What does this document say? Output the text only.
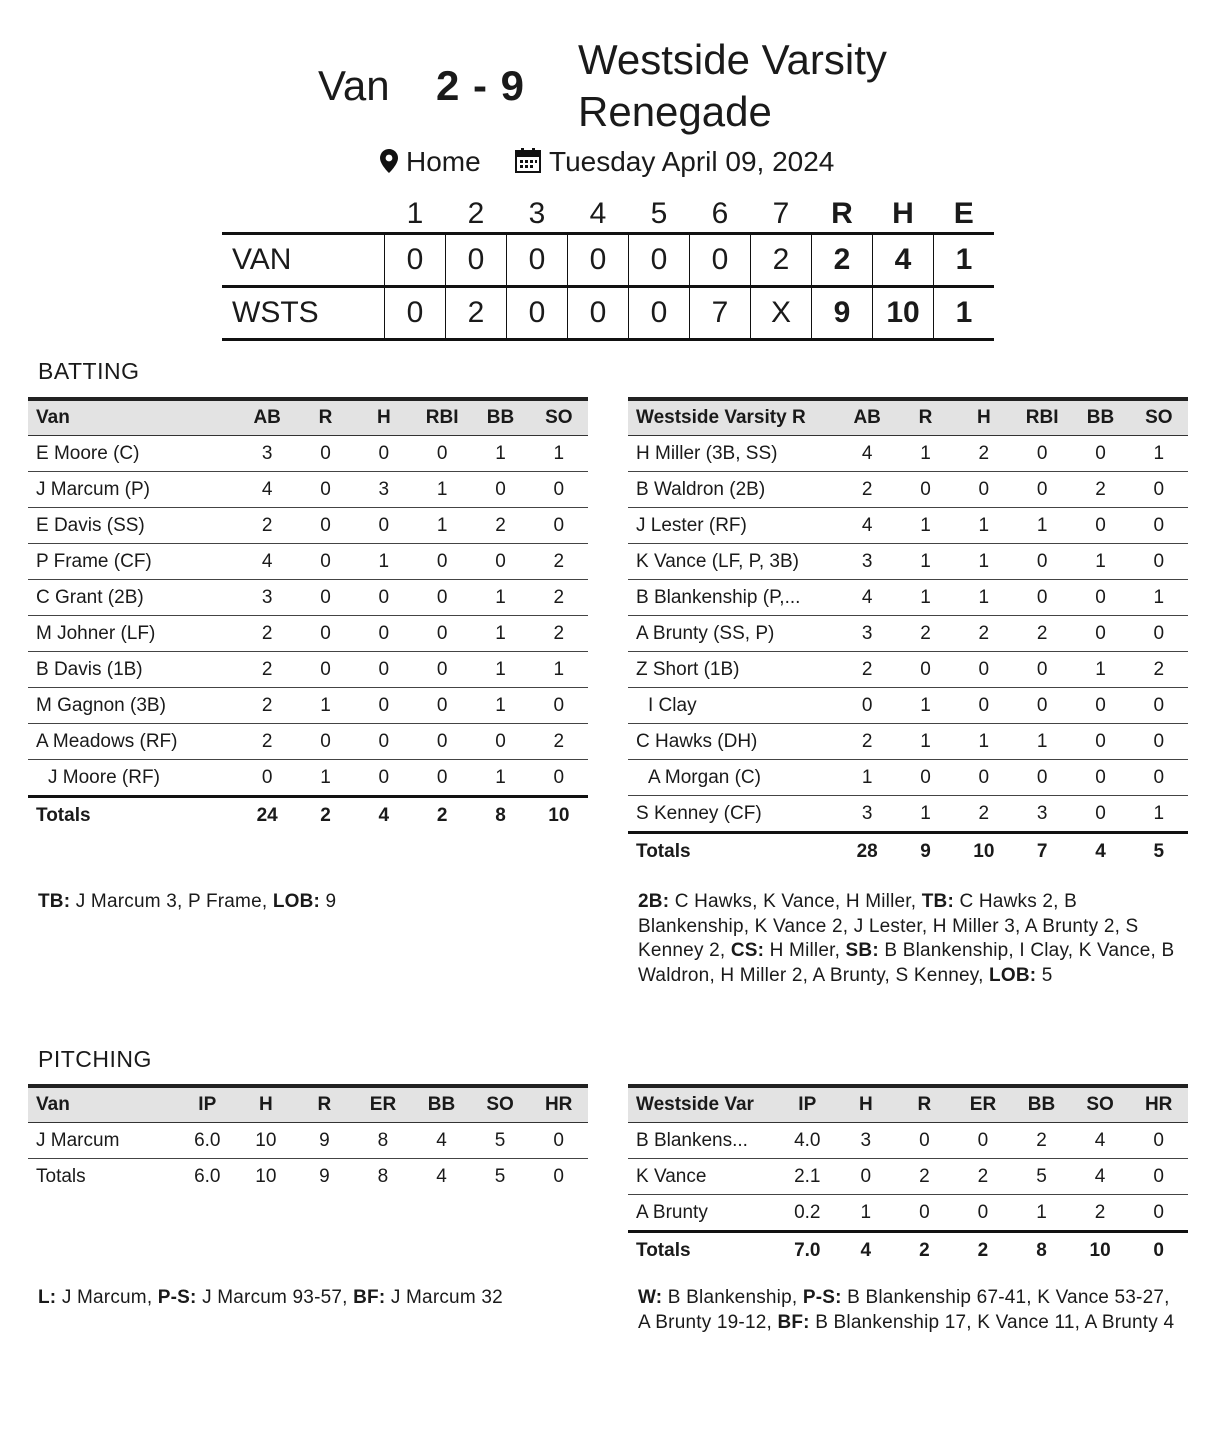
Van 2 - 9
Westside Varsity
Renegade
Home	Tuesday April 09, 2024
	1	2	3	4	5	6	7	R	H	E
VAN	0	0	0	0	0	0	2	2	4	1
WSTS	0	2	0	0	0	7	X	9	10	1
BATTING
Van	AB	R	H	RBI	BB	SO
E Moore (C)	3	0	0	0	1	1
J Marcum (P)	4	0	3	1	0	0
E Davis (SS)	2	0	0	1	2	0
P Frame (CF)	4	0	1	0	0	2
C Grant (2B)	3	0	0	0	1	2
M Johner (LF)	2	0	0	0	1	2
B Davis (1B)	2	0	0	0	1	1
M Gagnon (3B)	2	1	0	0	1	0
A Meadows (RF)	2	0	0	0	0	2
J Moore (RF)	0	1	0	0	1	0
Totals	24	2	4	2	8	10
Westside Varsity R	AB	R	H	RBI	BB	SO
H Miller (3B, SS)	4	1	2	0	0	1
B Waldron (2B)	2	0	0	0	2	0
J Lester (RF)	4	1	1	1	0	0
K Vance (LF, P, 3B)	3	1	1	0	1	0
B Blankenship (P,...	4	1	1	0	0	1
A Brunty (SS, P)	3	2	2	2	0	0
Z Short (1B)	2	0	0	0	1	2
I Clay	0	1	0	0	0	0
C Hawks (DH)	2	1	1	1	0	0
A Morgan (C)	1	0	0	0	0	0
S Kenney (CF)	3	1	2	3	0	1
Totals	28	9	10	7	4	5
TB: J Marcum 3, P Frame, LOB: 9	2B: C Hawks, K Vance, H Miller, TB: C Hawks 2, B Blankenship, K Vance 2, J Lester, H Miller 3, A Brunty 2, S Kenney 2, CS: H Miller, SB: B Blankenship, I Clay, K Vance, B Waldron, H Miller 2, A Brunty, S Kenney, LOB: 5
PITCHING
Van	IP	H	R	ER	BB	SO	HR
J Marcum	6.0	10	9	8	4	5	0
Totals	6.0	10	9	8	4	5	0
Westside Var	IP	H	R	ER	BB	SO	HR
B Blankens...	4.0	3	0	0	2	4	0
K Vance	2.1	0	2	2	5	4	0
A Brunty	0.2	1	0	0	1	2	0
Totals	7.0	4	2	2	8	10	0
L: J Marcum, P-S: J Marcum 93-57, BF: J Marcum 32	W: B Blankenship, P-S: B Blankenship 67-41, K Vance 53-27, A Brunty 19-12, BF: B Blankenship 17, K Vance 11, A Brunty 4
